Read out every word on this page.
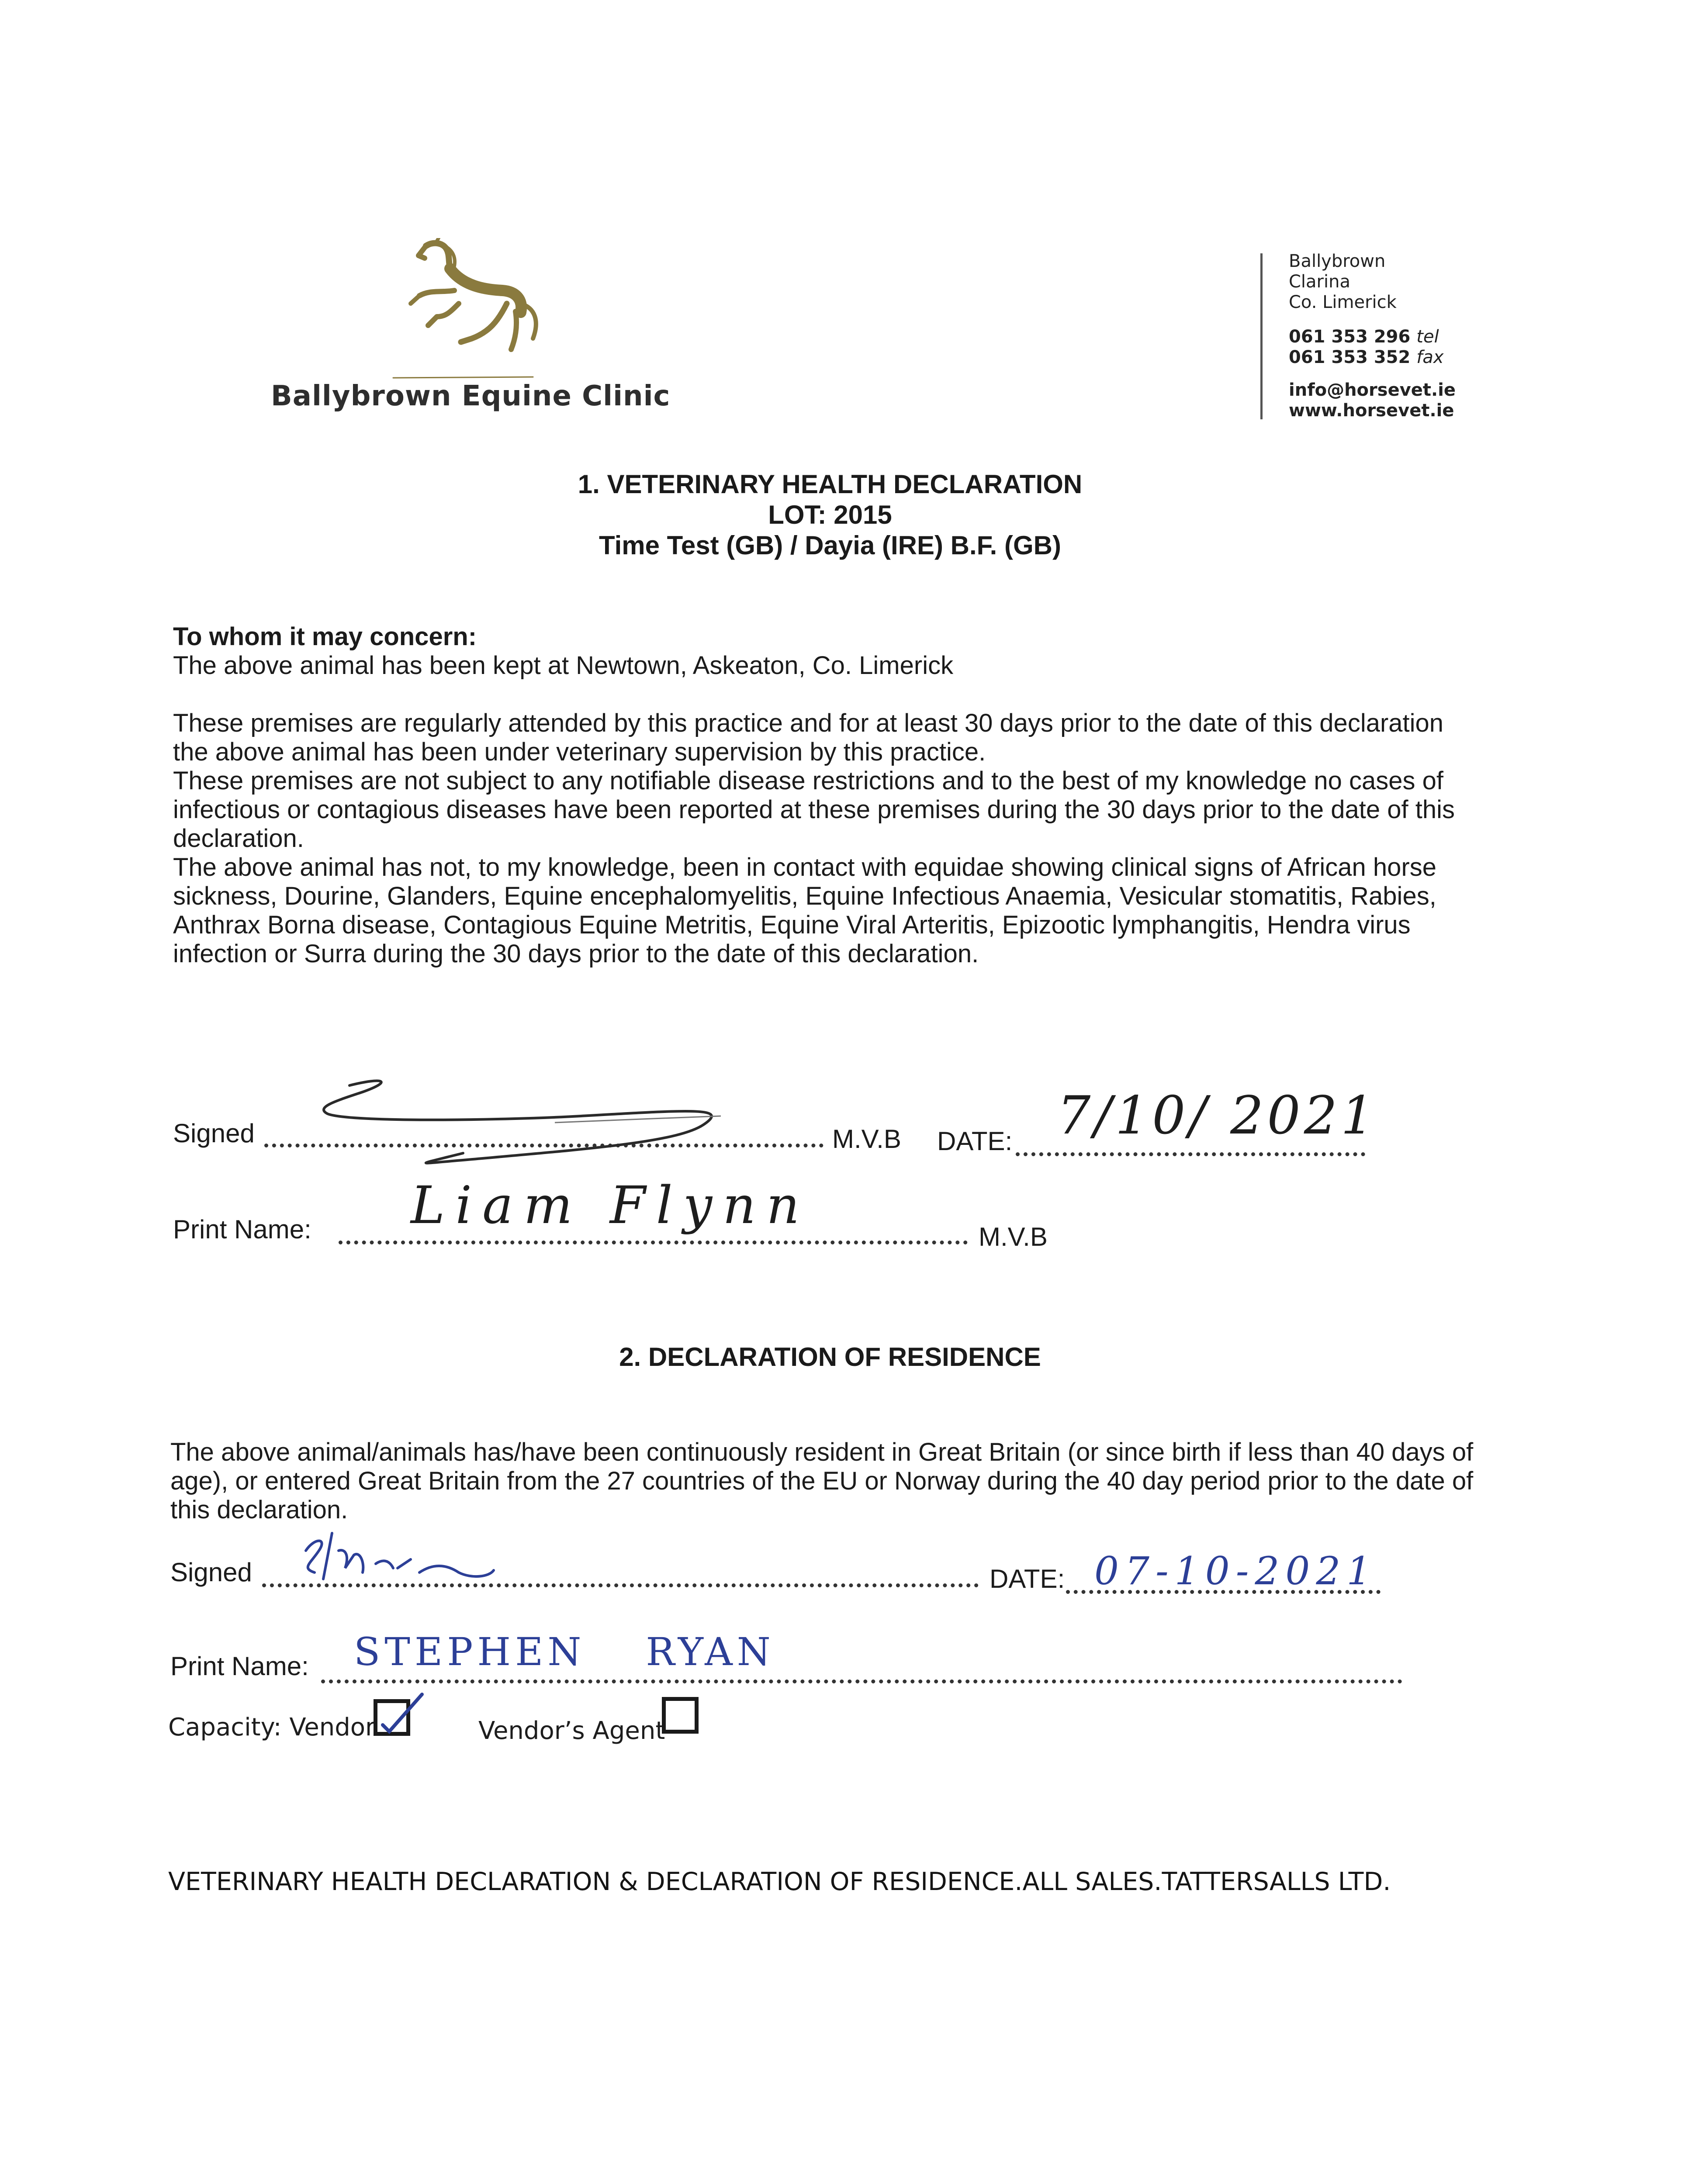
Ballybrown Equine Clinic
Ballybrown
Clarina
Co. Limerick
061 353 296 tel
061 353 352 fax
info@horsevet.ie
www.horsevet.ie
1. VETERINARY HEALTH DECLARATION
LOT: 2015
Time Test (GB) / Dayia (IRE) B.F. (GB)

To whom it may concern:

The above animal has been kept at Newtown, Askeaton, Co. Limerick

These premises are regularly attended by this practice and for at least 30 days prior to the date of this declaration the above animal has been under veterinary supervision by this practice.

These premises are not subject to any notifiable disease restrictions and to the best of my knowledge no cases of infectious or contagious diseases have been reported at these premises during the 30 days prior to the date of this declaration.

The above animal has not, to my knowledge, been in contact with equidae showing clinical signs of African horse sickness, Dourine, Glanders, Equine encephalomyelitis, Equine Infectious Anaemia, Vesicular stomatitis, Rabies, Anthrax Borna disease, Contagious Equine Metritis, Equine Viral Arteritis, Epizootic lymphangitis, Hendra virus infection or Surra during the 30 days prior to the date of this declaration.

Signed	M.V.B DATE: 7/10/ 2021
Print Name: Liam Flynn
M.V.B
2. DECLARATION OF RESIDENCE
The above animal/animals has/have been continuously resident in Great Britain (or since birth if less than 40 days of age), or entered Great Britain from the 27 countries of the EU or Norway during the 40 day period prior to the date of this declaration.
Signed	DATE: 07-10-2021
Print Name: STEPHEN RYAN
Capacity: Vendor	Vendor’s Agent
VETERINARY HEALTH DECLARATION & DECLARATION OF RESIDENCE.ALL SALES.TATTERSALLS LTD.
